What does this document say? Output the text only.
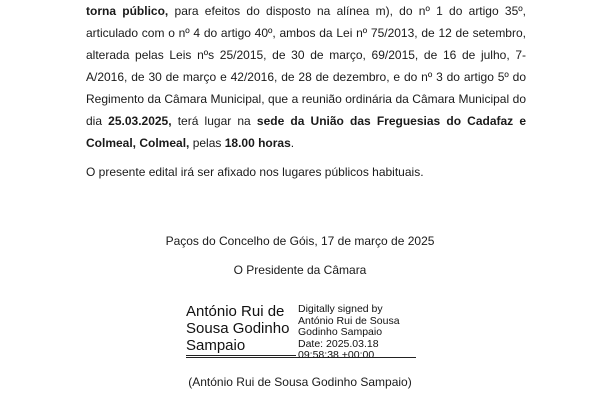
torna público, para efeitos do disposto na alínea m), do nº 1 do artigo 35º, articulado com o nº 4 do artigo 40º, ambos da Lei nº 75/2013, de 12 de setembro, alterada pelas Leis nºs 25/2015, de 30 de março, 69/2015, de 16 de julho, 7-A/2016, de 30 de março e 42/2016, de 28 de dezembro, e do nº 3 do artigo 5º do Regimento da Câmara Municipal, que a reunião ordinária da Câmara Municipal do dia 25.03.2025, terá lugar na sede da União das Freguesias do Cadafaz e Colmeal, Colmeal, pelas 18.00 horas.

O presente edital irá ser afixado nos lugares públicos habituais.

Paços do Concelho de Góis, 17 de março de 2025

O Presidente da Câmara

António Rui de Sousa Godinho Sampaio
Digitally signed by
António Rui de Sousa
Godinho Sampaio
Date: 2025.03.18
09:58:38 +00:00

(António Rui de Sousa Godinho Sampaio)
